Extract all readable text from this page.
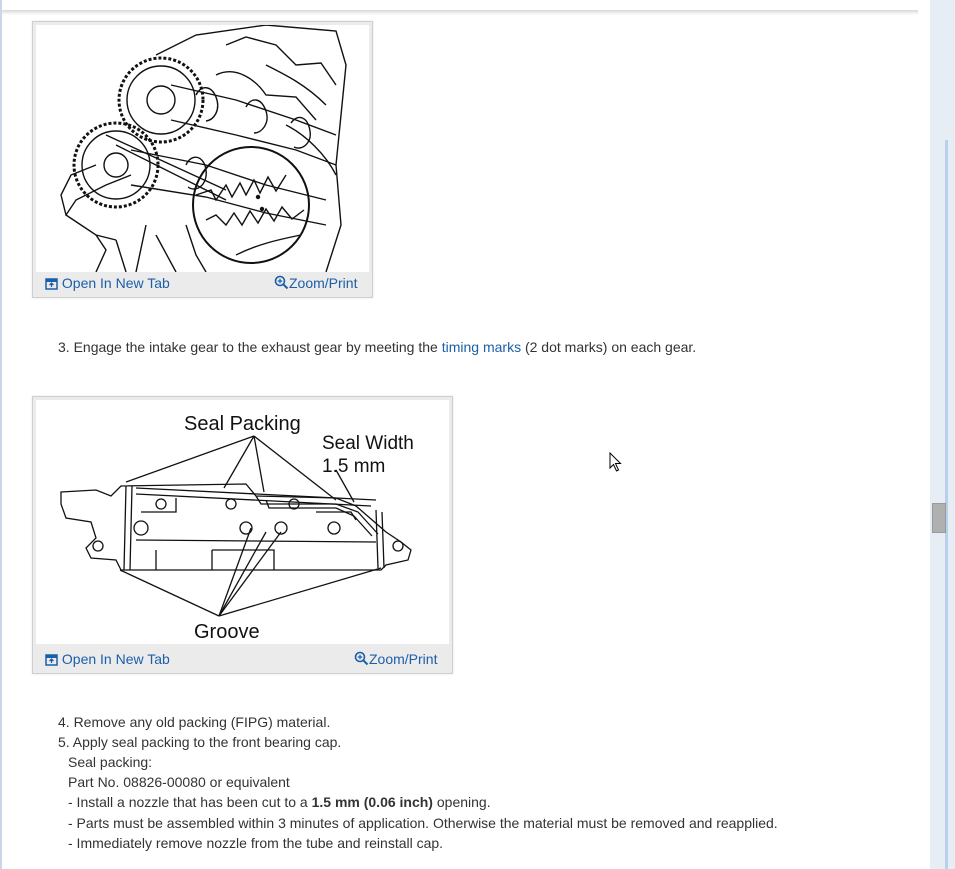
Open In New Tab	Zoom/Print
3. Engage the intake gear to the exhaust gear by meeting the timing marks (2 dot marks) on each gear.
Seal Packing
Seal Width
1.5 mm
Groove
Open In New Tab	Zoom/Print
4. Remove any old packing (FIPG) material.
5. Apply seal packing to the front bearing cap.
Seal packing:
Part No. 08826-00080 or equivalent
- Install a nozzle that has been cut to a 1.5 mm (0.06 inch) opening.
- Parts must be assembled within 3 minutes of application. Otherwise the material must be removed and reapplied.
- Immediately remove nozzle from the tube and reinstall cap.
